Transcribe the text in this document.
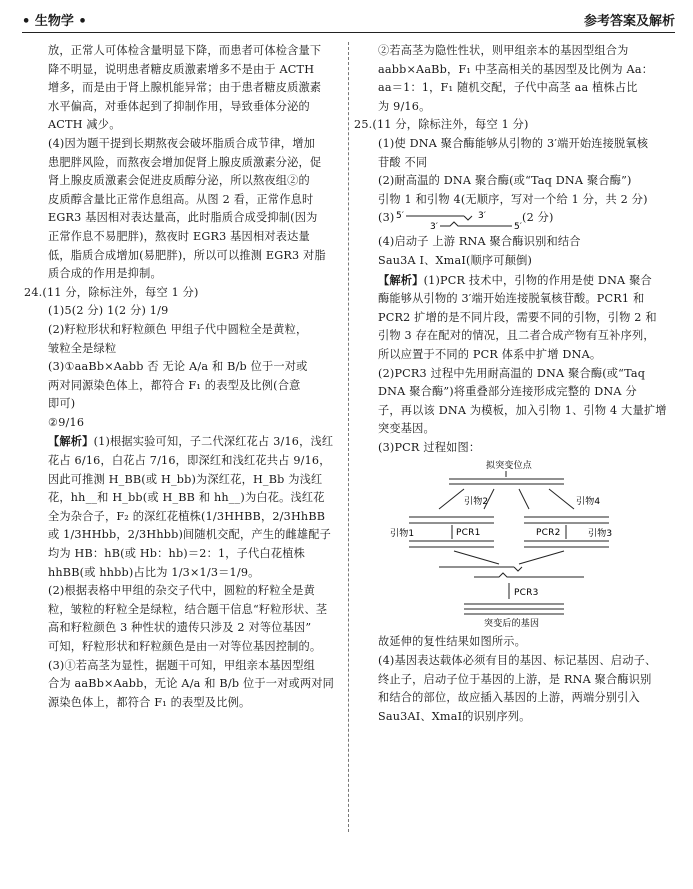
• 生物学 •	参考答案及解析
放，正常人可体检含量明显下降，而患者可体检含量下
降不明显，说明患者糖皮质激素增多不是由于 ACTH
增多，而是由于肾上腺机能异常；由于患者糖皮质激素
水平偏高，对垂体起到了抑制作用，导致垂体分泌的
ACTH 减少。
(4)因为题干提到长期熬夜会破坏脂质合成节律，增加
患肥胖风险，而熬夜会增加促肾上腺皮质激素分泌，促
肾上腺皮质激素会促进皮质醇分泌，所以熬夜组②的
皮质醇含量比正常作息组高。从图 2 看，正常作息时
EGR3 基因相对表达量高，此时脂质合成受抑制(因为
正常作息不易肥胖)，熬夜时 EGR3 基因相对表达量
低，脂质合成增加(易肥胖)，所以可以推测 EGR3 对脂
质合成的作用是抑制。
24.(11 分，除标注外，每空 1 分)
(1)5(2 分) 1(2 分) 1/9
(2)籽粒形状和籽粒颜色 甲组子代中圆粒全是黄粒，
皱粒全是绿粒
(3)①aaBb×Aabb 否 无论 A/a 和 B/b 位于一对或
两对同源染色体上，都符合 F₁ 的表型及比例(合意
即可)
②9/16
【解析】(1)根据实验可知，子二代深红花占 3/16，浅红
花占 6/16，白花占 7/16，即深红和浅红花共占 9/16，
因此可推测 H_BB(或 H_bb)为深红花，H_Bb 为浅红
花，hh__和 H_bb(或 H_BB 和 hh__)为白花。浅红花
全为杂合子，F₂ 的深红花植株(1/3HHBB，2/3HhBB
或 1/3HHbb，2/3Hhbb)间随机交配，产生的雌雄配子
均为 HB：hB(或 Hb：hb)＝2：1，子代白花植株
hhBB(或 hhbb)占比为 1/3×1/3＝1/9。
(2)根据表格中甲组的杂交子代中，圆粒的籽粒全是黄
粒，皱粒的籽粒全是绿粒，结合题干信息“籽粒形状、茎
高和籽粒颜色 3 种性状的遗传只涉及 2 对等位基因”
可知，籽粒形状和籽粒颜色是由一对等位基因控制的。
(3)①若高茎为显性，据题干可知，甲组亲本基因型组
合为 aaBb×Aabb，无论 A/a 和 B/b 位于一对或两对同
源染色体上，都符合 F₁ 的表型及比例。
②若高茎为隐性性状，则甲组亲本的基因型组合为
aabb×AaBb，F₁ 中茎高相关的基因型及比例为 Aa：
aa＝1：1，F₁ 随机交配，子代中高茎 aa 植株占比
为 9/16。
25.(11 分，除标注外，每空 1 分)
(1)使 DNA 聚合酶能够从引物的 3′端开始连接脱氧核
苷酸 不同
(2)耐高温的 DNA 聚合酶(或“Taq DNA 聚合酶”)
引物 1 和引物 4(无顺序，写对一个给 1 分，共 2 分)
(3) 5′	3′
3′	5′
(2 分)
(4)启动子 上游 RNA 聚合酶识别和结合
Sau3A Ⅰ、XmaⅠ(顺序可颠倒)
【解析】(1)PCR 技术中，引物的作用是使 DNA 聚合
酶能够从引物的 3′端开始连接脱氧核苷酸。PCR1 和
PCR2 扩增的是不同片段，需要不同的引物，引物 2 和
引物 3 存在配对的情况，且二者合成产物有互补序列，
所以应置于不同的 PCR 体系中扩增 DNA。
(2)PCR3 过程中先用耐高温的 DNA 聚合酶(或“Taq
DNA 聚合酶”)将重叠部分连接形成完整的 DNA 分
子，再以该 DNA 为模板，加入引物 1、引物 4 大量扩增
突变基因。
(3)PCR 过程如图：
拟突变位点
引物2	引物4
引物1	引物3
PCR1	PCR2
PCR3
突变后的基因
故延伸的复性结果如图所示。
(4)基因表达载体必须有目的基因、标记基因、启动子、
终止子，启动子位于基因的上游，是 RNA 聚合酶识别
和结合的部位，故应插入基因的上游，两端分别引入
Sau3AⅠ、XmaⅠ的识别序列。
